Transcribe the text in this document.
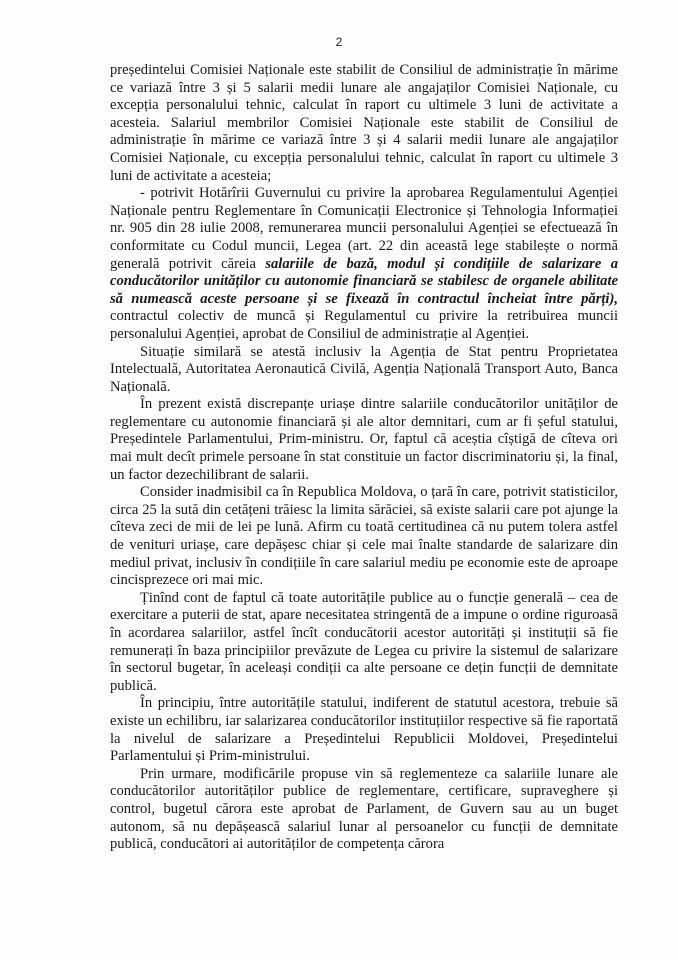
2

președintelui Comisiei Naționale este stabilit de Consiliul de administrație în mărime ce variază între 3 și 5 salarii medii lunare ale angajaților Comisiei Naționale, cu excepția personalului tehnic, calculat în raport cu ultimele 3 luni de activitate a acesteia. Salariul membrilor Comisiei Naționale este stabilit de Consiliul de administrație în mărime ce variază între 3 și 4 salarii medii lunare ale angajaților Comisiei Naționale, cu excepția personalului tehnic, calculat în raport cu ultimele 3 luni de activitate a acesteia;

- potrivit Hotărîrii Guvernului cu privire la aprobarea Regulamentului Agenției Naționale pentru Reglementare în Comunicații Electronice și Tehnologia Informației nr. 905 din 28 iulie 2008, remunerarea muncii personalului Agenției se efectuează în conformitate cu Codul muncii, Legea (art. 22 din această lege stabilește o normă generală potrivit căreia salariile de bază, modul și condițiile de salarizare a conducătorilor unităților cu autonomie financiară se stabilesc de organele abilitate să numească aceste persoane și se fixează în contractul încheiat între părți), contractul colectiv de muncă și Regulamentul cu privire la retribuirea muncii personalului Agenției, aprobat de Consiliul de administrație al Agenției.

Situație similară se atestă inclusiv la Agenția de Stat pentru Proprietatea Intelectuală, Autoritatea Aeronautică Civilă, Agenția Națională Transport Auto, Banca Națională.

În prezent există discrepanțe uriașe dintre salariile conducătorilor unităților de reglementare cu autonomie financiară și ale altor demnitari, cum ar fi șeful statului, Președintele Parlamentului, Prim-ministru. Or, faptul că aceștia cîștigă de cîteva ori mai mult decît primele persoane în stat constituie un factor discriminatoriu și, la final, un factor dezechilibrant de salarii.

Consider inadmisibil ca în Republica Moldova, o țară în care, potrivit statisticilor, circa 25 la sută din cetățeni trăiesc la limita sărăciei, să existe salarii care pot ajunge la cîteva zeci de mii de lei pe lună. Afirm cu toată certitudinea că nu putem tolera astfel de venituri uriașe, care depășesc chiar și cele mai înalte standarde de salarizare din mediul privat, inclusiv în condițiile în care salariul mediu pe economie este de aproape cincisprezece ori mai mic.

Ținînd cont de faptul că toate autoritățile publice au o funcție generală – cea de exercitare a puterii de stat, apare necesitatea stringentă de a impune o ordine riguroasă în acordarea salariilor, astfel încît conducătorii acestor autorități și instituții să fie remunerați în baza principiilor prevăzute de Legea cu privire la sistemul de salarizare în sectorul bugetar, în aceleași condiții ca alte persoane ce dețin funcții de demnitate publică.

În principiu, între autoritățile statului, indiferent de statutul acestora, trebuie să existe un echilibru, iar salarizarea conducătorilor instituțiilor respective să fie raportată la nivelul de salarizare a Președintelui Republicii Moldovei, Președintelui Parlamentului și Prim-ministrului.

Prin urmare, modificările propuse vin să reglementeze ca salariile lunare ale conducătorilor autorităților publice de reglementare, certificare, supraveghere și control, bugetul cărora este aprobat de Parlament, de Guvern sau au un buget autonom, să nu depășească salariul lunar al persoanelor cu funcții de demnitate publică, conducători ai autorităților de competența cărora
